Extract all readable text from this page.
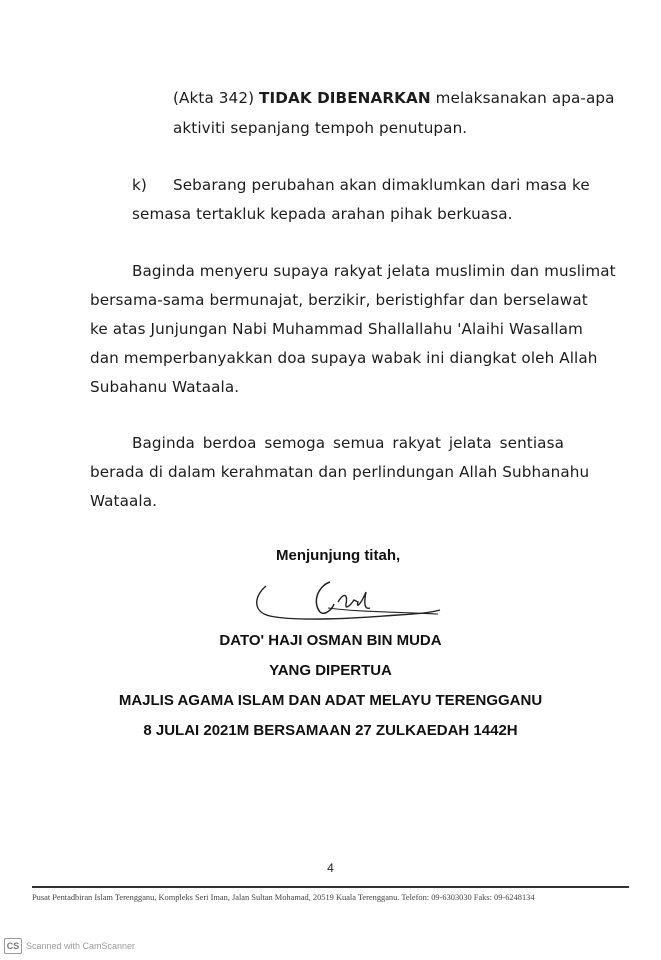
(Akta 342) TIDAK DIBENARKAN melaksanakan apa-apa
aktiviti sepanjang tempoh penutupan.
k) Sebarang perubahan akan dimaklumkan dari masa ke
semasa tertakluk kepada arahan pihak berkuasa.
Baginda menyeru supaya rakyat jelata muslimin dan muslimat
bersama-sama bermunajat, berzikir, beristighfar dan berselawat
ke atas Junjungan Nabi Muhammad Shallallahu 'Alaihi Wasallam
dan memperbanyakkan doa supaya wabak ini diangkat oleh Allah
Subahanu Wataala.
Baginda berdoa semoga semua rakyat jelata sentiasa
berada di dalam kerahmatan dan perlindungan Allah Subhanahu
Wataala.
Menjunjung titah,
DATO' HAJI OSMAN BIN MUDA
YANG DIPERTUA
MAJLIS AGAMA ISLAM DAN ADAT MELAYU TERENGGANU
8 JULAI 2021M BERSAMAAN 27 ZULKAEDAH 1442H
4
Pusat Pentadbiran Islam Terengganu, Kompleks Seri Iman, Jalan Sultan Mohamad, 20519 Kuala Terengganu. Telefon: 09-6303030 Faks: 09-6248134
CS Scanned with CamScanner
